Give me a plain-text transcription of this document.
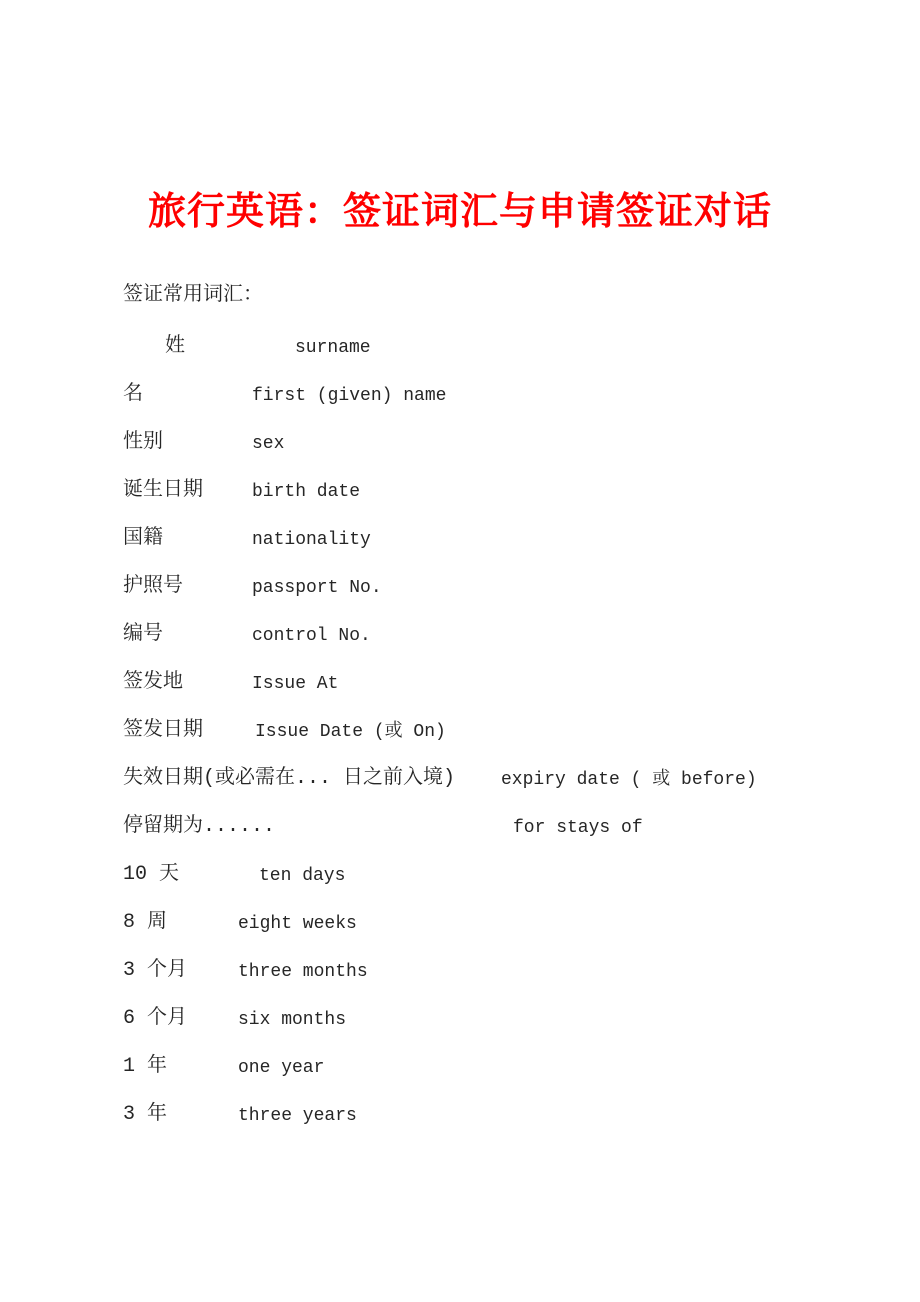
旅行英语：签证词汇与申请签证对话
签证常用词汇：
姓	surname
名	first (given) name
性别	sex
诞生日期	birth date
国籍	nationality
护照号	passport No.
编号	control No.
签发地	Issue At
签发日期	Issue Date (或 On)
失效日期(或必需在... 日之前入境)	expiry date ( 或 before)
停留期为......	for stays of
10 天	ten days
8 周	eight weeks
3 个月	three months
6 个月	six months
1 年	one year
3 年	three years
